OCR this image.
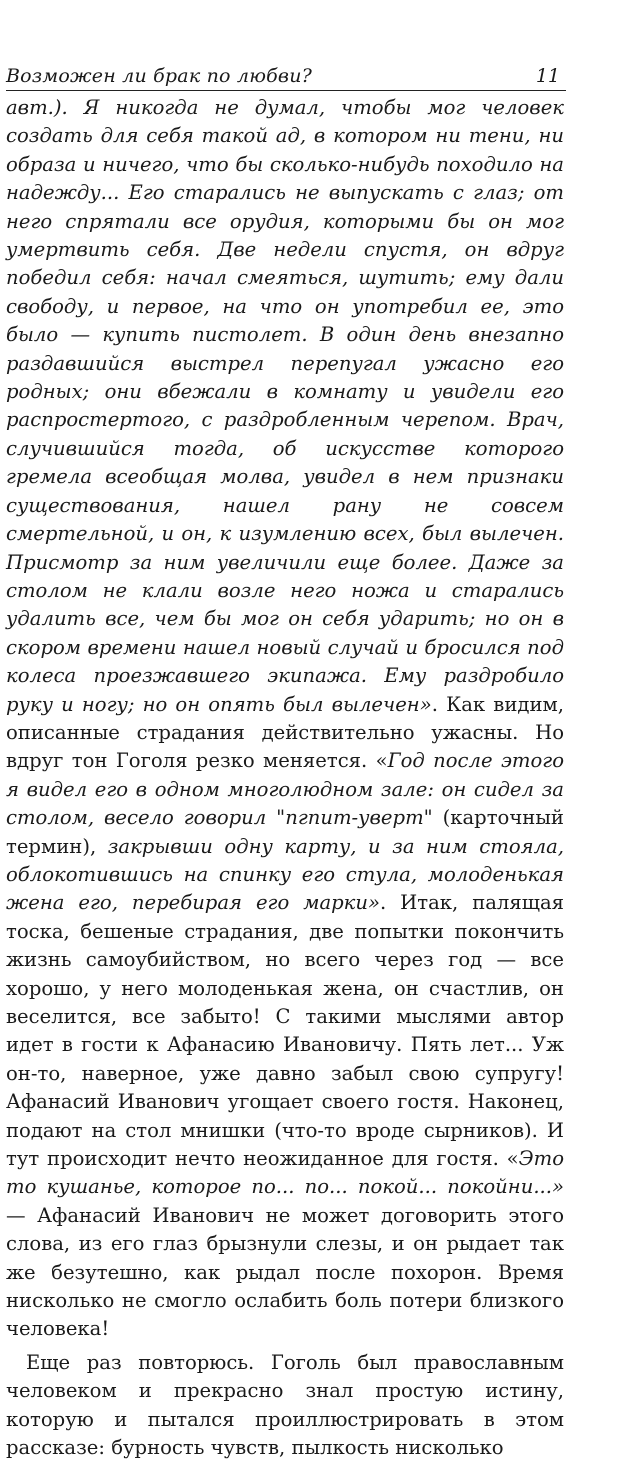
Возможен ли брак по любви?	11

авт.). Я никогда не думал, чтобы мог человек создать для себя такой ад, в котором ни тени, ни образа и ничего, что бы сколько-нибудь походило на надежду... Его старались не выпускать с глаз; от него спрятали все орудия, которыми бы он мог умертвить себя. Две недели спустя, он вдруг победил себя: начал смеяться, шутить; ему дали свободу, и первое, на что он употребил ее, это было — купить пистолет. В один день внезапно раздавшийся выстрел перепугал ужасно его родных; они вбежали в комнату и увидели его распростертого, с раздробленным черепом. Врач, случившийся тогда, об искусстве которого гремела всеобщая молва, увидел в нем признаки существования, нашел рану не совсем смертельной, и он, к изумлению всех, был вылечен. Присмотр за ним увеличили еще более. Даже за столом не клали возле него ножа и старались удалить все, чем бы мог он себя ударить; но он в скором времени нашел новый случай и бросился под колеса проезжавшего экипажа. Ему раздробило руку и ногу; но он опять был вылечен». Как видим, описанные страдания действительно ужасны. Но вдруг тон Гоголя резко меняется. «Год после этого я видел его в одном многолюдном зале: он сидел за столом, весело говорил "пгпит-уверт" (карточный термин), закрывши одну карту, и за ним стояла, облокотившись на спинку его стула, молоденькая жена его, перебирая его марки». Итак, палящая тоска, бешеные страдания, две попытки покончить жизнь самоубийством, но всего через год — все хорошо, у него молоденькая жена, он счастлив, он веселится, все забыто! С такими мыслями автор идет в гости к Афанасию Ивановичу. Пять лет... Уж он-то, наверное, уже давно забыл свою супругу! Афанасий Иванович угощает своего гостя. Наконец, подают на стол мнишки (что-то вроде сырников). И тут происходит нечто неожиданное для гостя. «Это то кушанье, которое по... по... покой... покойни...» — Афанасий Иванович не может договорить этого слова, из его глаз брызнули слезы, и он рыдает так же безутешно, как рыдал после похорон. Время нисколько не смогло ослабить боль потери близкого человека!

Еще раз повторюсь. Гоголь был православным человеком и прекрасно знал простую истину, которую и пытался проиллюстрировать в этом рассказе: бурность чувств, пылкость нисколько
